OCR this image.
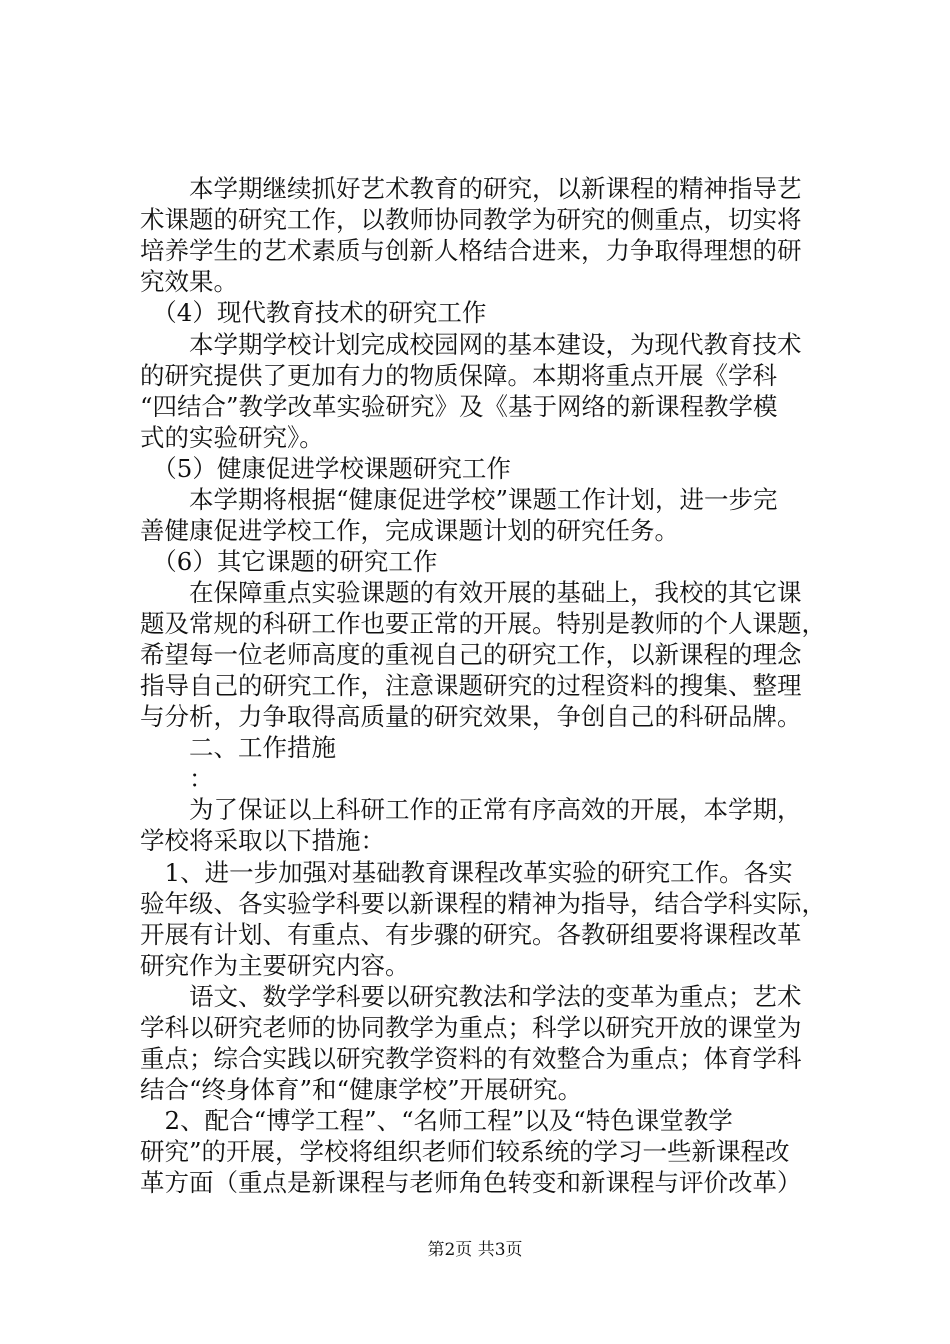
　　本学期继续抓好艺术教育的研究，以新课程的精神指导艺
术课题的研究工作，以教师协同教学为研究的侧重点，切实将
培养学生的艺术素质与创新人格结合进来，力争取得理想的研
究效果。
　（4）现代教育技术的研究工作
　　本学期学校计划完成校园网的基本建设，为现代教育技术
的研究提供了更加有力的物质保障。本期将重点开展《学科
“四结合”教学改革实验研究》及《基于网络的新课程教学模
式的实验研究》。
　（5）健康促进学校课题研究工作
　　本学期将根据“健康促进学校”课题工作计划，进一步完
善健康促进学校工作，完成课题计划的研究任务。
　（6）其它课题的研究工作
　　在保障重点实验课题的有效开展的基础上，我校的其它课
题及常规的科研工作也要正常的开展。特别是教师的个人课题，
希望每一位老师高度的重视自己的研究工作，以新课程的理念
指导自己的研究工作，注意课题研究的过程资料的搜集、整理
与分析，力争取得高质量的研究效果，争创自己的科研品牌。
　　二、工作措施
　　：
　　为了保证以上科研工作的正常有序高效的开展，本学期，
学校将采取以下措施：
　1、进一步加强对基础教育课程改革实验的研究工作。各实
验年级、各实验学科要以新课程的精神为指导，结合学科实际，
开展有计划、有重点、有步骤的研究。各教研组要将课程改革
研究作为主要研究内容。
　　语文、数学学科要以研究教法和学法的变革为重点；艺术
学科以研究老师的协同教学为重点；科学以研究开放的课堂为
重点；综合实践以研究教学资料的有效整合为重点；体育学科
结合“终身体育”和“健康学校”开展研究。
　2、配合“博学工程”、“名师工程”以及“特色课堂教学
研究”的开展，学校将组织老师们较系统的学习一些新课程改
革方面（重点是新课程与老师角色转变和新课程与评价改革）
第2页 共3页
